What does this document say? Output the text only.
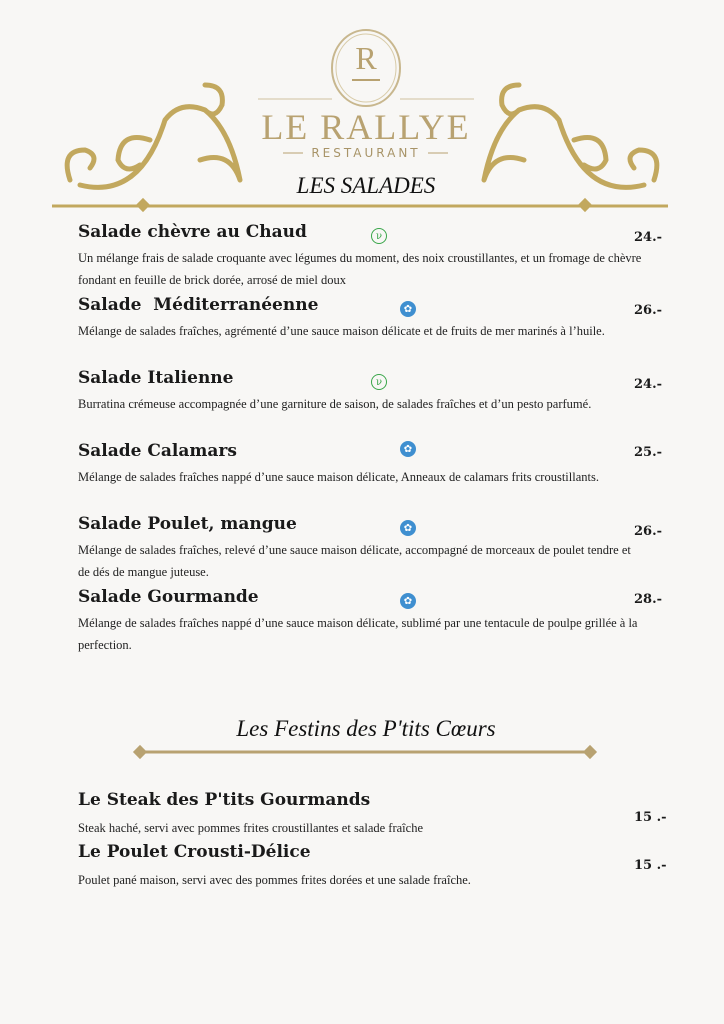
R
LE RALLYE
RESTAURANT
LES SALADES
Les Festins des P'tits Cœurs
Salade chèvre au Chaud
Un mélange frais de salade croquante avec légumes du moment, des noix croustillantes, et un fromage de chèvre fondant en feuille de brick dorée, arrosé de miel doux
24.-
ν
Salade  Méditerranéenne
Mélange de salades fraîches, agrémenté d’une sauce maison délicate et de fruits de mer marinés à l’huile.
26.-
✿
Salade Italienne
Burratina crémeuse accompagnée d’une garniture de saison, de salades fraîches et d’un pesto parfumé.
24.-
ν
Salade Calamars
Mélange de salades fraîches nappé d’une sauce maison délicate, Anneaux de calamars frits croustillants.
25.-
✿
Salade Poulet, mangue
Mélange de salades fraîches, relevé d’une sauce maison délicate, accompagné de morceaux de poulet tendre et de dés de mangue juteuse.
26.-
✿
Salade Gourmande
Mélange de salades fraîches nappé d’une sauce maison délicate, sublimé par une tentacule de poulpe grillée à la perfection.
28.-
✿
Le Steak des P'tits Gourmands
Steak haché, servi avec pommes frites croustillantes et salade fraîche
15 .-
Le Poulet Crousti-Délice
Poulet pané maison, servi avec des pommes frites dorées et une salade fraîche.
15 .-
